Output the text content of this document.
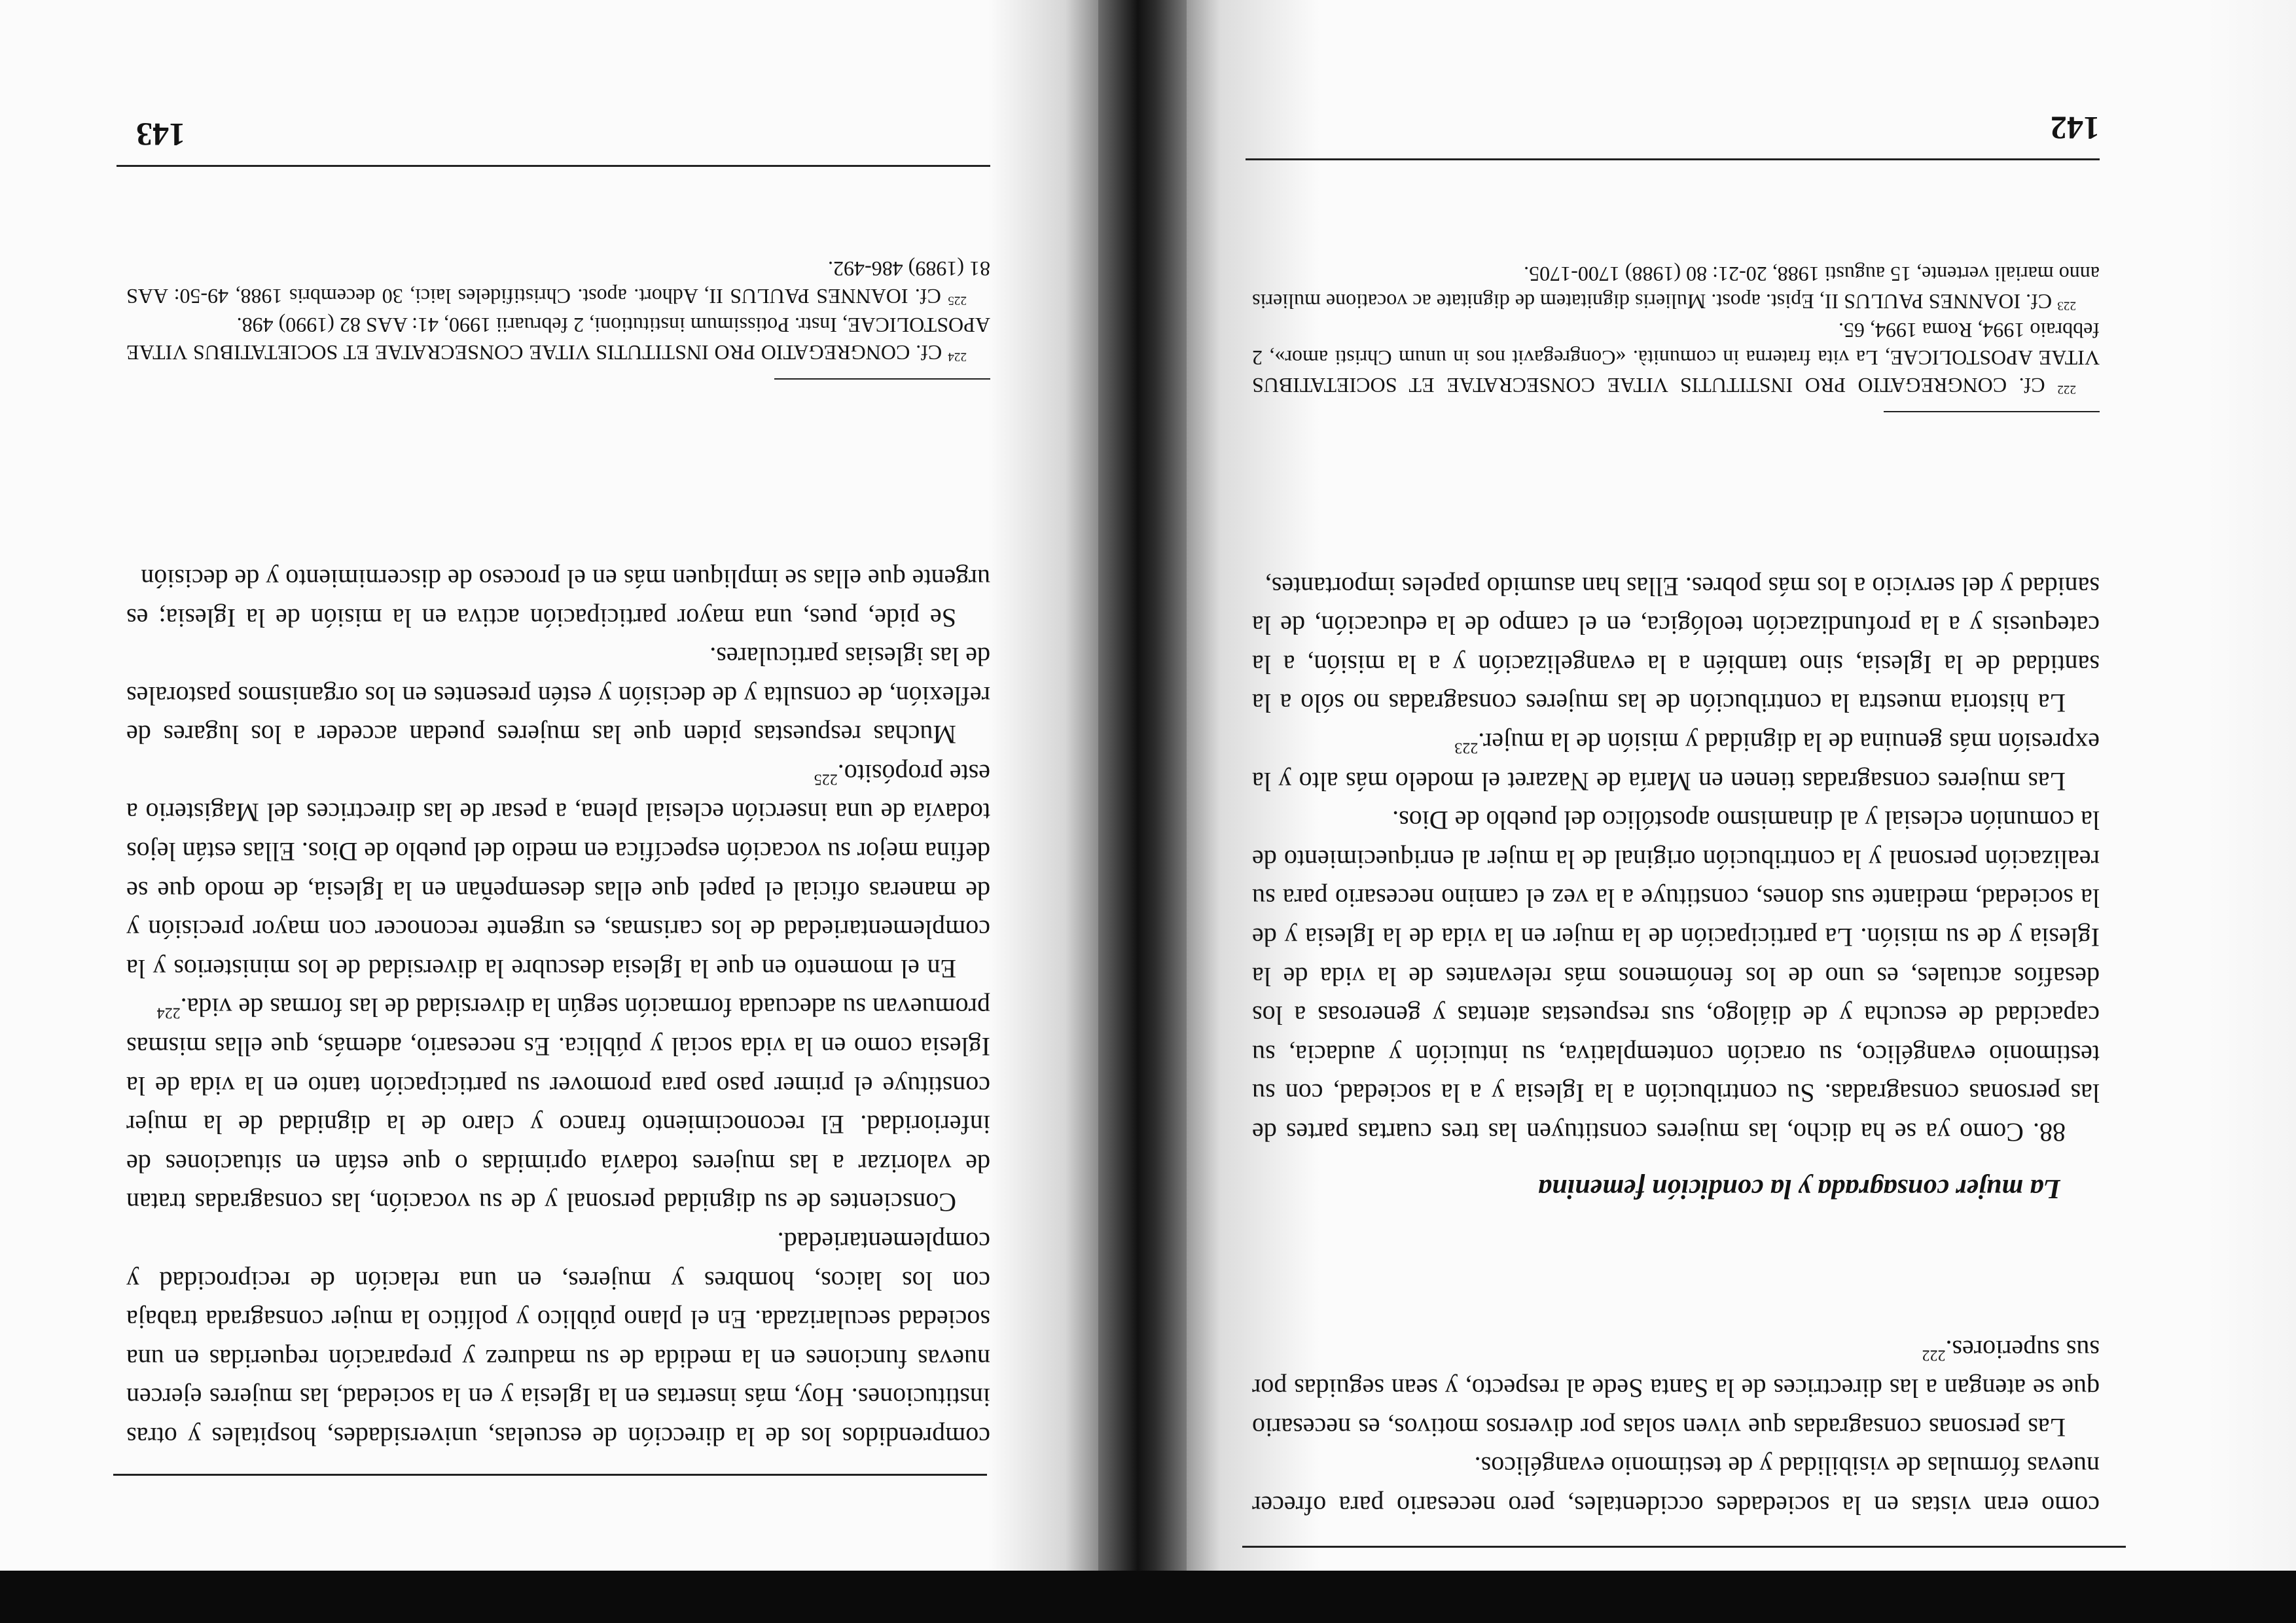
como eran vistas en la sociedades occidentales, pero necesario para ofrecer nuevas fórmulas de visibilidad y de testimonio evangélicos.

Las personas consagradas que viven solas por diversos motivos, es necesario que se atengan a las directrices de la Santa Sede al respecto, y sean seguidas por sus superiores.$^{222}$

La mujer consagrada y la condición femenina

88. Como ya se ha dicho, las mujeres constituyen las tres cuartas partes de las personas consagradas. Su contribución a la Iglesia y a la sociedad, con su testimonio evangélico, su oración contemplativa, su intuición y audacia, su capacidad de escucha y de diálogo, sus respuestas atentas y generosas a los desafíos actuales, es uno de los fenómenos más relevantes de la vida de la Iglesia y de su misión. La participación de la mujer en la vida de la Iglesia y de la sociedad, mediante sus dones, constituye a la vez el camino necesario para su realización personal y la contribución original de la mujer al enriquecimiento de la comunión eclesial y al dinamismo apostólico del pueblo de Dios.

Las mujeres consagradas tienen en María de Nazaret el modelo más alto y la expresión más genuina de la dignidad y misión de la mujer.$^{223}$

La historia muestra la contribución de las mujeres consagradas no sólo a la santidad de la Iglesia, sino también a la evangelización y a la misión, a la catequesis y a la profundización teológica, en el campo de la educación, de la sanidad y del servicio a los más pobres. Ellas han asumido papeles importantes,

$^{222}$ Cf. CONGREGATIO PRO INSTITUTIS VITAE CONSECRATAE ET SOCIETATIBUS VITAE APOSTOLICAE, La vita fraterna in comunità. «Congregavit nos in unum Christi amor», 2 febbraio 1994, Roma 1994, 65.

$^{223}$ Cf. IOANNES PAULUS II, Epist. apost. Mulieris dignitatem de dignitate ac vocatione mulieris anno mariali vertente, 15 augusti 1988, 20-21: 80 (1988) 1700-1705.

142

comprendidos los de la dirección de escuelas, universidades, hospitales y otras instituciones. Hoy, más insertas en la Iglesia y en la sociedad, las mujeres ejercen nuevas funciones en la medida de su madurez y preparación requeridas en una sociedad secularizada. En el plano público y político la mujer consagrada trabaja con los laicos, hombres y mujeres, en una relación de reciprocidad y complementariedad.

Conscientes de su dignidad personal y de su vocación, las consagradas tratan de valorizar a las mujeres todavía oprimidas o que están en situaciones de inferioridad. El reconocimiento franco y claro de la dignidad de la mujer constituye el primer paso para promover su participación tanto en la vida de la Iglesia como en la vida social y pública. Es necesario, además, que ellas mismas promuevan su adecuada formación según la diversidad de las formas de vida.$^{224}$

En el momento en que la Iglesia descubre la diversidad de los ministerios y la complementariedad de los carismas, es urgente reconocer con mayor precisión y de maneras oficial el papel que ellas desempeñan en la Iglesia, de modo que se defina mejor su vocación específica en medio del pueblo de Dios. Ellas están lejos todavía de una inserción eclesial plena, a pesar de las directrices del Magisterio a este propósito.$^{225}$

Muchas respuestas piden que las mujeres puedan acceder a los lugares de reflexión, de consulta y de decisión y estén presentes en los organismos pastorales de las iglesias particulares.

Se pide, pues, una mayor participación activa en la misión de la Iglesia; es urgente que ellas se impliquen más en el proceso de discernimiento y de decisión

$^{224}$ Cf. CONGREGATIO PRO INSTITUTIS VITAE CONSECRATAE ET SOCIETATIBUS VITAE APOSTOLICAE, Instr. Potissimum institutioni, 2 februarii 1990, 41: AAS 82 (1990) 498.

$^{225}$ Cf. IOANNES PAULUS II, Adhort. apost. Christifideles laici, 30 decembris 1988, 49-50: AAS 81 (1989) 486-492.

143
